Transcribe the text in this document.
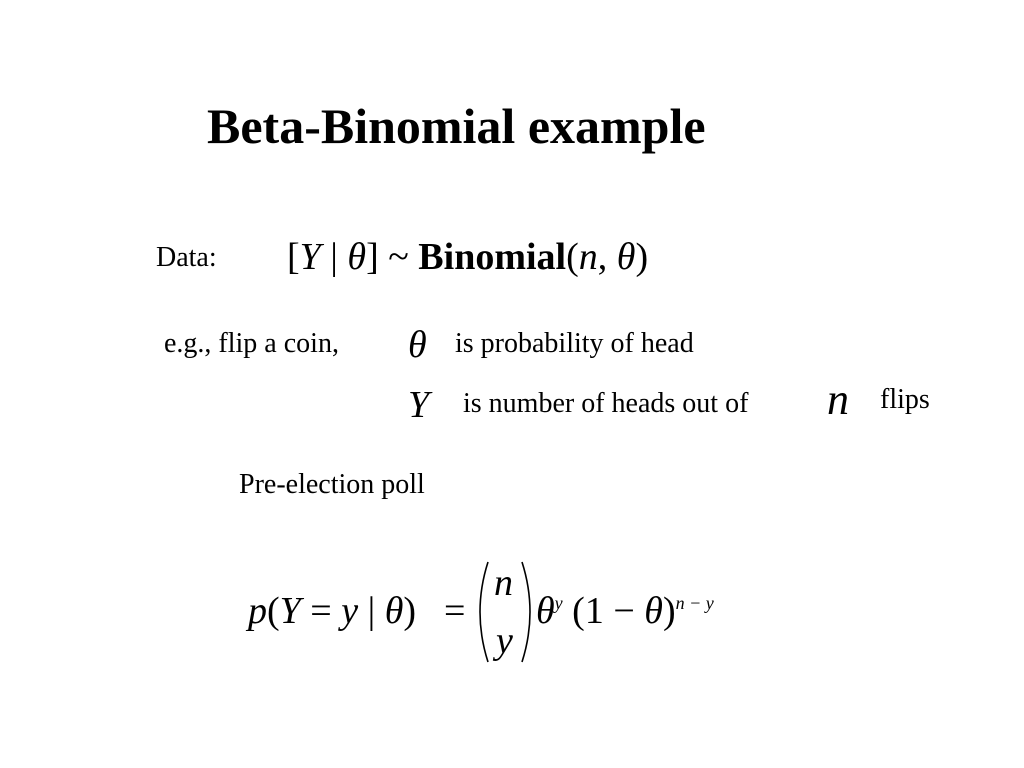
Beta-Binomial example
Data: [Y | θ] ~ Binomial(n, θ)
e.g., flip a coin, θ is probability of head
Y is number of heads out of n flips
Pre-election poll
p(Y = y | θ) =
n
y
$\theta^y$ $(1 - \theta)^{n - y}$
